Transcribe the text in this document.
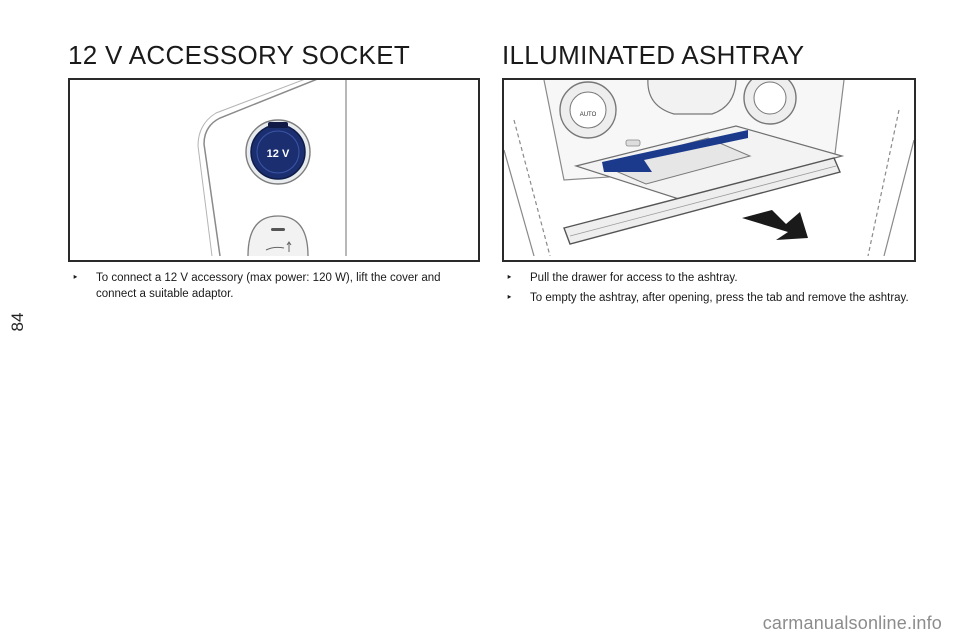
84
12 V ACCESSORY SOCKET
12 V
‣	To connect a 12 V accessory (max power: 120 W), lift the cover and connect a suitable adaptor.
ILLUMINATED ASHTRAY
AUTO
‣	Pull the drawer for access to the ashtray.
‣	To empty the ashtray, after opening, press the tab and remove the ashtray.
carmanualsonline.info
